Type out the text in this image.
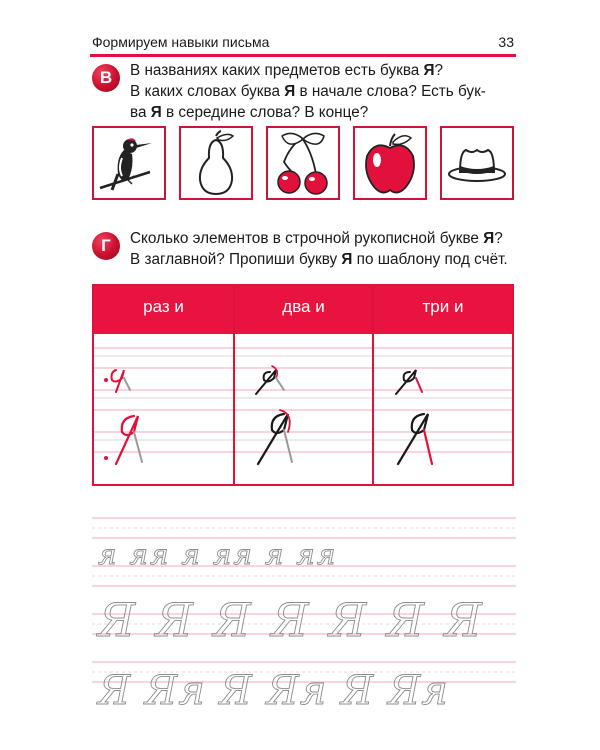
Формируем навыки письма	33
В	В названиях каких предметов есть буква Я?
В каких словах буква Я в начале слова? Есть бук-
ва Я в середине слова? В конце?
Г	Сколько элементов в строчной рукописной букве Я?
В заглавной? Пропиши букву Я по шаблону под счёт.
раз и	два и	три и
я яя я яя я яя
Я Я Я Я Я Я Я
Я Яя Я Яя Я Яя
